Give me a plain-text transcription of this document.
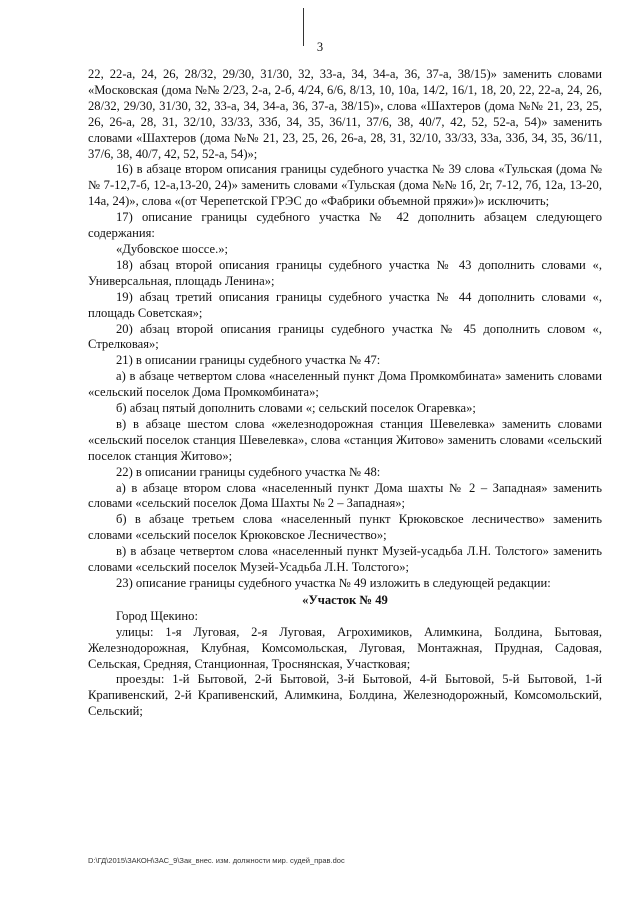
3

22, 22-а, 24, 26, 28/32, 29/30, 31/30, 32, 33-а, 34, 34-а, 36, 37-а, 38/15)» заменить словами «Московская (дома №№ 2/23, 2-а, 2-б, 4/24, 6/6, 8/13, 10, 10а, 14/2, 16/1, 18, 20, 22, 22-а, 24, 26, 28/32, 29/30, 31/30, 32, 33-а, 34, 34-а, 36, 37-а, 38/15)», слова «Шахтеров (дома №№ 21, 23, 25, 26, 26-а, 28, 31, 32/10, 33/33, 33б, 34, 35, 36/11, 37/6, 38, 40/7, 42, 52, 52-а, 54)» заменить словами «Шахтеров (дома №№ 21, 23, 25, 26, 26-а, 28, 31, 32/10, 33/33, 33а, 33б, 34, 35, 36/11, 37/6, 38, 40/7, 42, 52, 52-а, 54)»;

16) в абзаце втором описания границы судебного участка № 39 слова «Тульская (дома №№ 7-12,7-б, 12-а,13-20, 24)» заменить словами «Тульская (дома №№ 1б, 2г, 7-12, 7б, 12а, 13-20, 14а, 24)», слова «(от Черепетской ГРЭС до «Фабрики объемной пряжи»)» исключить;

17) описание границы судебного участка № 42 дополнить абзацем следующего содержания:

«Дубовское шоссе.»;

18) абзац второй описания границы судебного участка № 43 дополнить словами «, Универсальная, площадь Ленина»;

19) абзац третий описания границы судебного участка № 44 дополнить словами «, площадь Советская»;

20) абзац второй описания границы судебного участка № 45 дополнить словом «, Стрелковая»;

21) в описании границы судебного участка № 47:

а) в абзаце четвертом слова «населенный пункт Дома Промкомбината» заменить словами «сельский поселок Дома Промкомбината»;

б) абзац пятый дополнить словами «; сельский поселок Огаревка»;

в) в абзаце шестом слова «железнодорожная станция Шевелевка» заменить словами «сельский поселок станция Шевелевка», слова «станция Житово» заменить словами «сельский поселок станция Житово»;

22) в описании границы судебного участка № 48:

а) в абзаце втором слова «населенный пункт Дома шахты № 2 – Западная» заменить словами «сельский поселок Дома Шахты № 2 – Западная»;

б) в абзаце третьем слова «населенный пункт Крюковское лесничество» заменить словами «сельский поселок Крюковское Лесничество»;

в) в абзаце четвертом слова «населенный пункт Музей-усадьба Л.Н. Толстого» заменить словами «сельский поселок Музей-Усадьба Л.Н. Толстого»;

23) описание границы судебного участка № 49 изложить в следующей редакции:

«Участок № 49

Город Щекино:

улицы: 1-я Луговая, 2-я Луговая, Агрохимиков, Алимкина, Болдина, Бытовая, Железнодорожная, Клубная, Комсомольская, Луговая, Монтажная, Прудная, Садовая, Сельская, Средняя, Станционная, Троснянская, Участковая;

проезды: 1-й Бытовой, 2-й Бытовой, 3-й Бытовой, 4-й Бытовой, 5-й Бытовой, 1-й Крапивенский, 2-й Крапивенский, Алимкина, Болдина, Железнодорожный, Комсомольский, Сельский;

D:\ГД\2015\ЗАКОН\ЗАС_9\Зак_внес. изм. должности мир. судей_прав.doc
